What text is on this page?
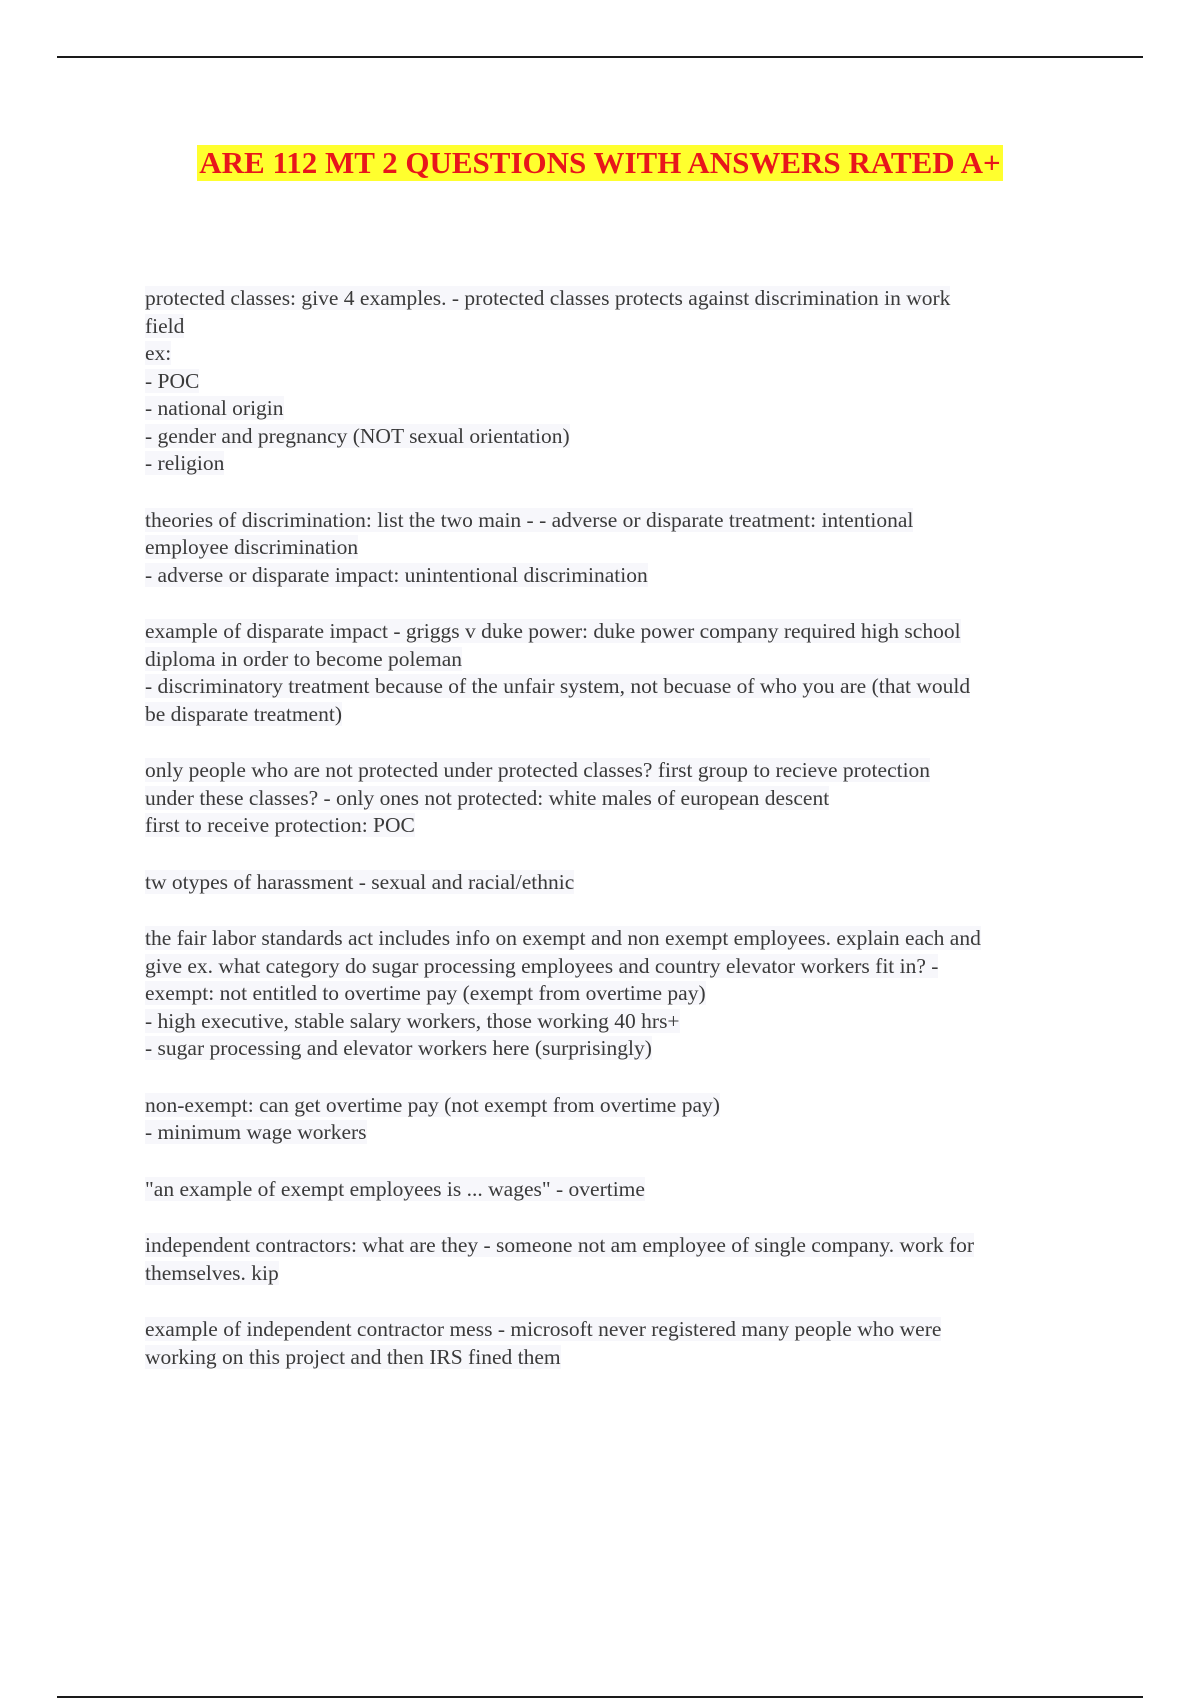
ARE 112 MT 2 QUESTIONS WITH ANSWERS RATED A+
protected classes: give 4 examples. - protected classes protects against discrimination in work
field
ex:
- POC
- national origin
- gender and pregnancy (NOT sexual orientation)
- religion
theories of discrimination: list the two main - - adverse or disparate treatment: intentional
employee discrimination
- adverse or disparate impact: unintentional discrimination
example of disparate impact - griggs v duke power: duke power company required high school
diploma in order to become poleman
- discriminatory treatment because of the unfair system, not becuase of who you are (that would
be disparate treatment)
only people who are not protected under protected classes? first group to recieve protection
under these classes? - only ones not protected: white males of european descent
first to receive protection: POC
tw otypes of harassment - sexual and racial/ethnic
the fair labor standards act includes info on exempt and non exempt employees. explain each and
give ex. what category do sugar processing employees and country elevator workers fit in? -
exempt: not entitled to overtime pay (exempt from overtime pay)
- high executive, stable salary workers, those working 40 hrs+
- sugar processing and elevator workers here (surprisingly)
non-exempt: can get overtime pay (not exempt from overtime pay)
- minimum wage workers
"an example of exempt employees is ... wages" - overtime
independent contractors: what are they - someone not am employee of single company. work for
themselves. kip
example of independent contractor mess - microsoft never registered many people who were
working on this project and then IRS fined them
